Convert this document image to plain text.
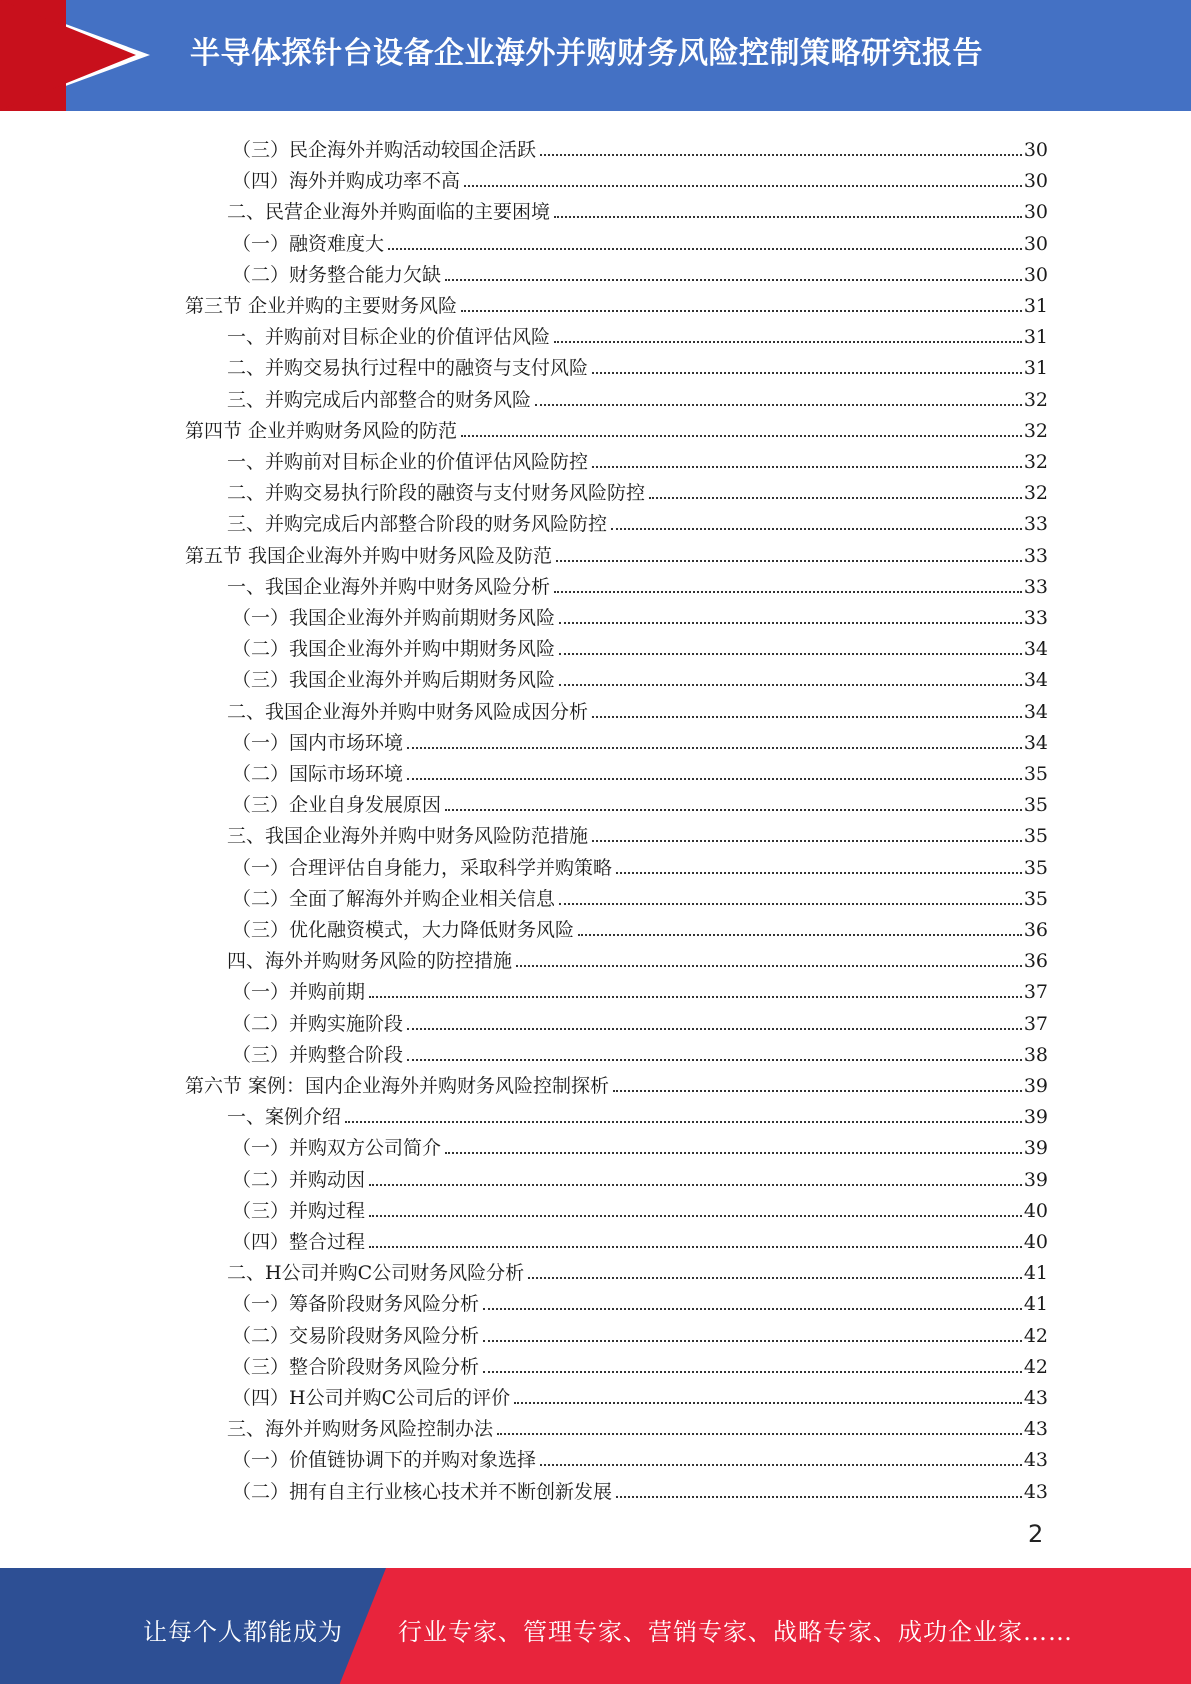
半导体探针台设备企业海外并购财务风险控制策略研究报告
（三）民企海外并购活动较国企活跃	30
（四）海外并购成功率不高	30
二、民营企业海外并购面临的主要困境	30
（一）融资难度大	30
（二）财务整合能力欠缺	30
第三节 企业并购的主要财务风险	31
一、并购前对目标企业的价值评估风险	31
二、并购交易执行过程中的融资与支付风险	31
三、并购完成后内部整合的财务风险	32
第四节 企业并购财务风险的防范	32
一、并购前对目标企业的价值评估风险防控	32
二、并购交易执行阶段的融资与支付财务风险防控	32
三、并购完成后内部整合阶段的财务风险防控	33
第五节 我国企业海外并购中财务风险及防范	33
一、我国企业海外并购中财务风险分析	33
（一）我国企业海外并购前期财务风险	33
（二）我国企业海外并购中期财务风险	34
（三）我国企业海外并购后期财务风险	34
二、我国企业海外并购中财务风险成因分析	34
（一）国内市场环境	34
（二）国际市场环境	35
（三）企业自身发展原因	35
三、我国企业海外并购中财务风险防范措施	35
（一）合理评估自身能力，采取科学并购策略	35
（二）全面了解海外并购企业相关信息	35
（三）优化融资模式，大力降低财务风险	36
四、海外并购财务风险的防控措施	36
（一）并购前期	37
（二）并购实施阶段	37
（三）并购整合阶段	38
第六节 案例：国内企业海外并购财务风险控制探析	39
一、案例介绍	39
（一）并购双方公司简介	39
（二）并购动因	39
（三）并购过程	40
（四）整合过程	40
二、H公司并购C公司财务风险分析	41
（一）筹备阶段财务风险分析	41
（二）交易阶段财务风险分析	42
（三）整合阶段财务风险分析	42
（四）H公司并购C公司后的评价	43
三、海外并购财务风险控制办法	43
（一）价值链协调下的并购对象选择	43
（二）拥有自主行业核心技术并不断创新发展	43
2
让每个人都能成为 行业专家、管理专家、营销专家、战略专家、成功企业家……
